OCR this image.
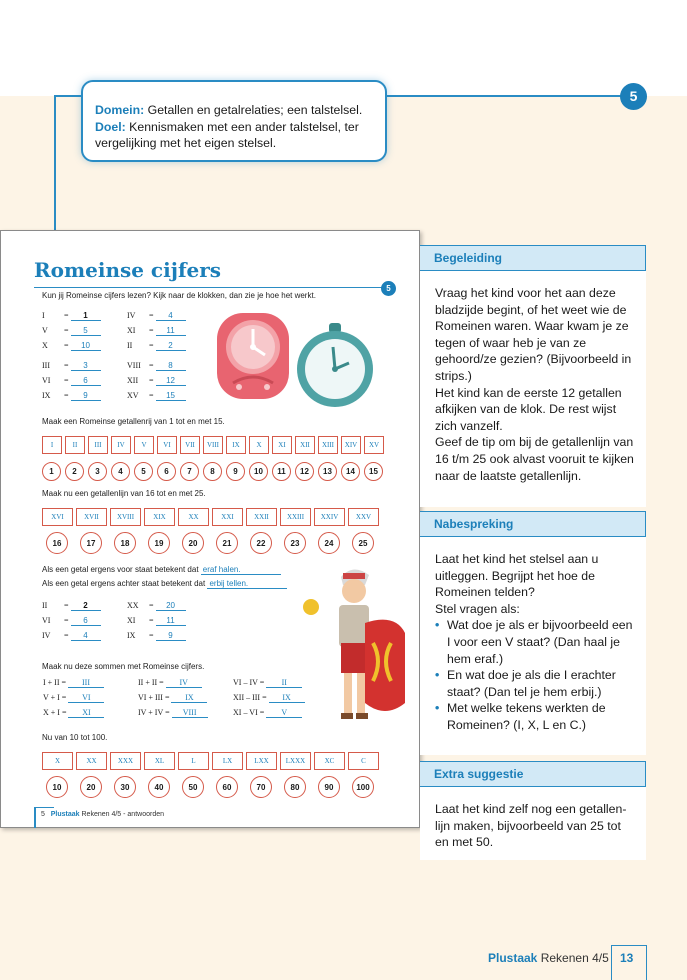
5
Domein: Getallen en getalrelaties; een talstelsel.
Doel: Kennismaken met een ander talstelsel, ter vergelijking met het eigen stelsel.
Romeinse cijfers
5
Kun jij Romeinse cijfers lezen? Kijk naar de klokken, dan zie je hoe het werkt.
I = 1
V = 5
X = 10
III = 3
VI = 6
IX = 9
IV = 4
XI = 11
II = 2
VIII = 8
XII = 12
XV = 15
Maak een Romeinse getallenrij van 1 tot en met 15.
I	II	III	IV	V	VI	VII	VIII	IX	X	XI	XII	XIII	XIV	XV
1	2	3	4	5	6	7	8	9	10	11	12	13	14	15
Maak nu een getallenlijn van 16 tot en met 25.
XVI	XVII	XVIII	XIX	XX	XXI	XXII	XXIII	XXIV	XXV
16	17	18	19	20	21	22	23	24	25
Als een getal ergens voor staat betekent dat eraf halen.
Als een getal ergens achter staat betekent dat erbij tellen.
II = 2
VI = 6
IV = 4
XX = 20
XI = 11
IX = 9
Maak nu deze sommen met Romeinse cijfers.
I + II = III	II + II = IV	VI – IV = II
V + I = VI	VI + III = IX	XII – III = IX
X + I = XI	IV + IV = VIII	XI – VI = V
Nu van 10 tot 100.
X	XX	XXX	XL	L	LX	LXX	LXXX	XC	C
10	20	30	40	50	60	70	80	90	100
5 Plustaak Rekenen 4/5 - antwoorden
Begeleiding
Vraag het kind voor het aan deze bladzijde begint, of het weet wie de Romeinen waren. Waar kwam je ze tegen of waar heb je van ze gehoord/ze gezien? (Bijvoorbeeld in strips.)
Het kind kan de eerste 12 getallen afkijken van de klok. De rest wijst zich vanzelf.
Geef de tip om bij de getallenlijn van 16 t/m 25 ook alvast vooruit te kijken naar de laatste getallenlijn.
Nabespreking
Laat het kind het stelsel aan u uitleggen. Begrijpt het hoe de Romeinen telden?
Stel vragen als:
• Wat doe je als er bijvoorbeeld een I voor een V staat? (Dan haal je hem eraf.)
• En wat doe je als die I erachter staat? (Dan tel je hem erbij.)
• Met welke tekens werkten de Romeinen? (I, X, L en C.)
Extra suggestie
Laat het kind zelf nog een getallen-lijn maken, bijvoorbeeld van 25 tot en met 50.
Plustaak Rekenen 4/5 13
